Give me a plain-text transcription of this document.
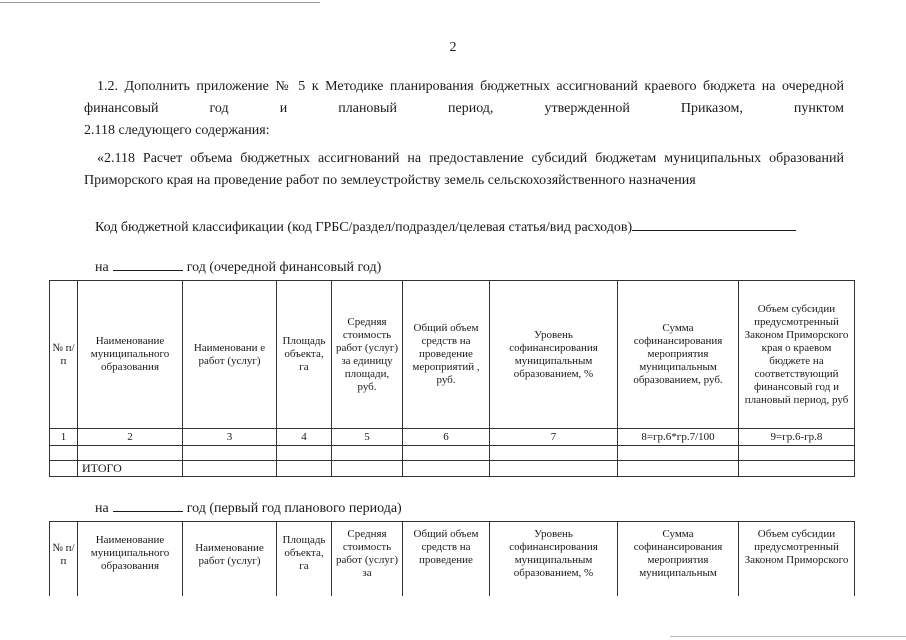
2
1.2. Дополнить приложение № 5 к Методике планирования бюджетных ассигнований краевого бюджета на очередной финансовый год и плановый период, утвержденной Приказом, пунктом
2.118 следующего содержания:
«2.118 Расчет объема бюджетных ассигнований на предоставление субсидий бюджетам муниципальных образований Приморского края на проведение работ по землеустройству земель сельскохозяйственного назначения
Код бюджетной классификации (код ГРБС/раздел/подраздел/целевая статья/вид расходов)
на	год (очередной финансовый год)
№ п/п	Наименование муниципального образования	Наименовани е работ (услуг)	Площадь объекта, га	Средняя стоимость работ (услуг) за единицу площади, руб.	Общий объем средств на проведение мероприятий , руб.	Уровень софинансирования муниципальным образованием, %	Сумма софинансирования мероприятия муниципальным образованием, руб.	Объем субсидии предусмотренный Законом Приморского края о краевом бюджете на соответствующий финансовый год и плановый период, руб
1	2	3	4	5	6	7	8=гр.6*гр.7/100	9=гр.6-гр.8

	ИТОГО							
на	год (первый год планового периода)
№ п/п	Наименование муниципального образования	Наименование работ (услуг)	Площадь объекта, га	Средняя стоимость работ (услуг) за	Общий объем средств на проведение	Уровень софинансирования муниципальным образованием, %	Сумма софинансирования мероприятия муниципальным	Объем субсидии предусмотренный Законом Приморского
